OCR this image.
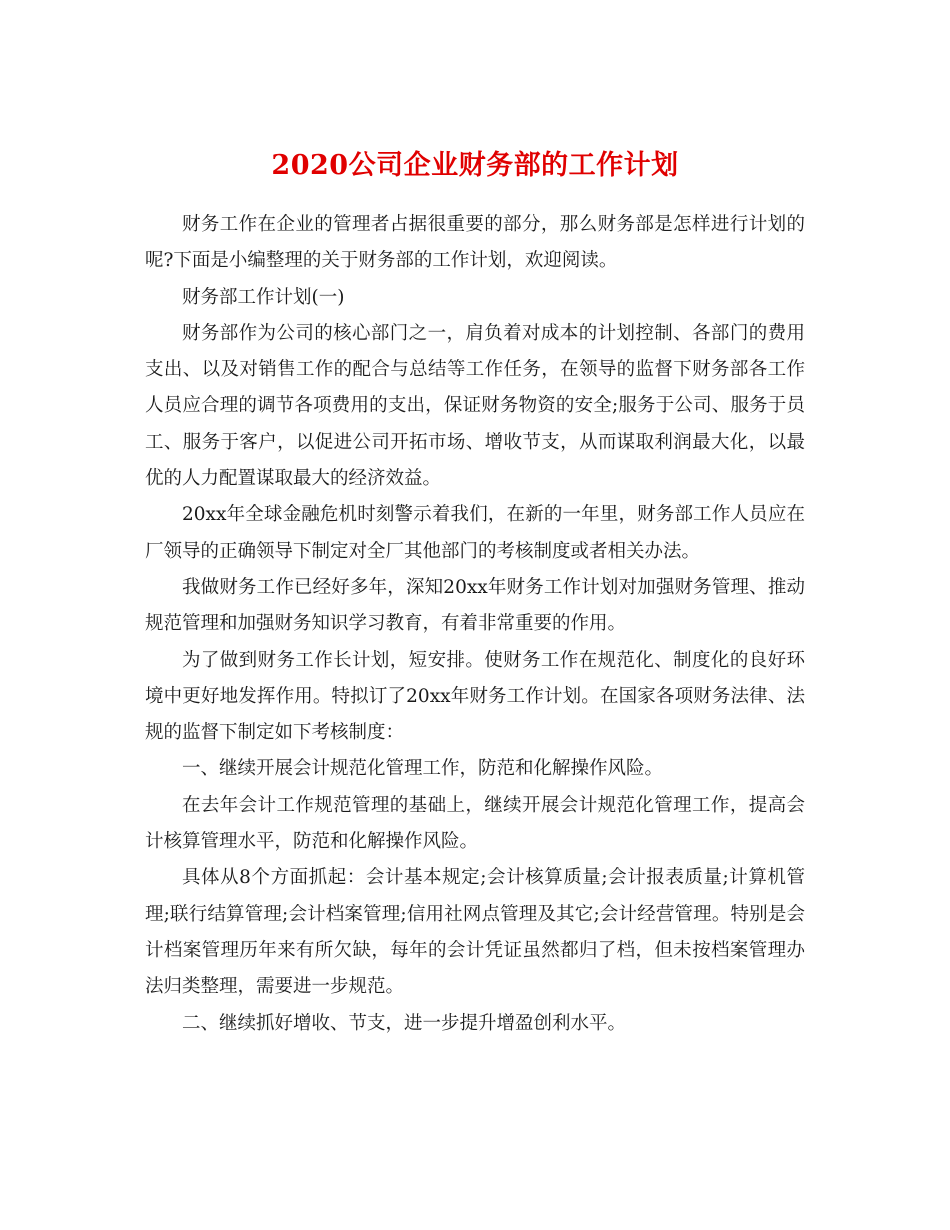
2020公司企业财务部的工作计划

财务工作在企业的管理者占据很重要的部分，那么财务部是怎样进行计划的呢?下面是小编整理的关于财务部的工作计划，欢迎阅读。

财务部工作计划(一)

财务部作为公司的核心部门之一，肩负着对成本的计划控制、各部门的费用支出、以及对销售工作的配合与总结等工作任务，在领导的监督下财务部各工作人员应合理的调节各项费用的支出，保证财务物资的安全;服务于公司、服务于员工、服务于客户，以促进公司开拓市场、增收节支，从而谋取利润最大化，以最优的人力配置谋取最大的经济效益。

20xx年全球金融危机时刻警示着我们，在新的一年里，财务部工作人员应在厂领导的正确领导下制定对全厂其他部门的考核制度或者相关办法。

我做财务工作已经好多年，深知20xx年财务工作计划对加强财务管理、推动规范管理和加强财务知识学习教育，有着非常重要的作用。

为了做到财务工作长计划，短安排。使财务工作在规范化、制度化的良好环境中更好地发挥作用。特拟订了20xx年财务工作计划。在国家各项财务法律、法规的监督下制定如下考核制度：

一、继续开展会计规范化管理工作，防范和化解操作风险。

在去年会计工作规范管理的基础上，继续开展会计规范化管理工作，提高会计核算管理水平，防范和化解操作风险。

具体从8个方面抓起：会计基本规定;会计核算质量;会计报表质量;计算机管理;联行结算管理;会计档案管理;信用社网点管理及其它;会计经营管理。特别是会计档案管理历年来有所欠缺，每年的会计凭证虽然都归了档，但未按档案管理办法归类整理，需要进一步规范。

二、继续抓好增收、节支，进一步提升增盈创利水平。
